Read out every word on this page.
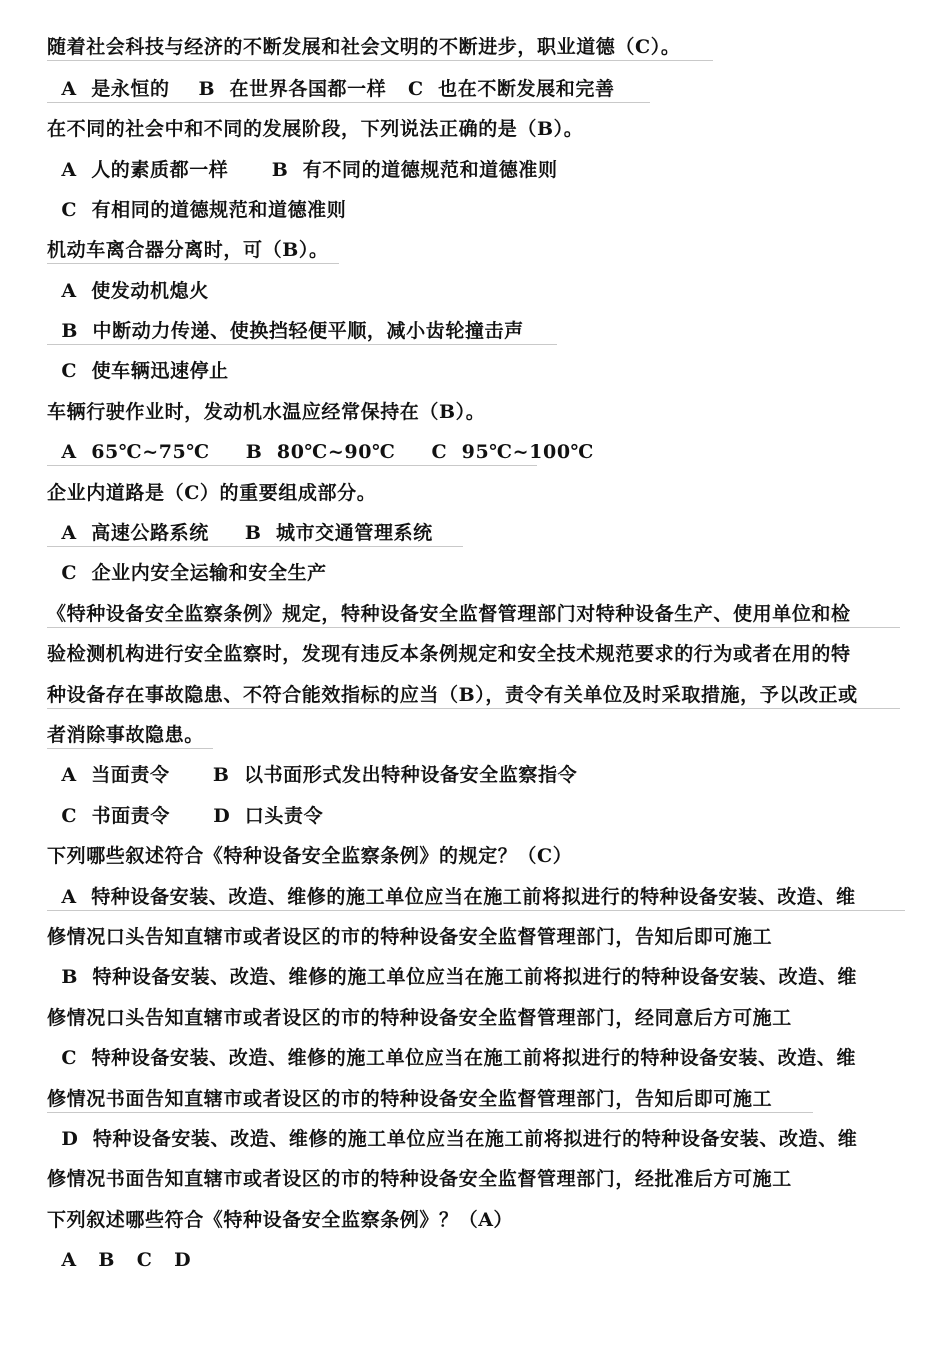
随着社会科技与经济的不断发展和社会文明的不断进步，职业道德（C）。
A  是永恒的    B  在世界各国都一样   C  也在不断发展和完善
在不同的社会中和不同的发展阶段，下列说法正确的是（B）。
A  人的素质都一样      B  有不同的道德规范和道德准则
C  有相同的道德规范和道德准则
机动车离合器分离时，可（B）。
A  使发动机熄火
B  中断动力传递、使换挡轻便平顺，减小齿轮撞击声
C  使车辆迅速停止
车辆行驶作业时，发动机水温应经常保持在（B）。
A  65℃~75℃     B  80℃~90℃     C  95℃~100℃
企业内道路是（C）的重要组成部分。
A  高速公路系统     B  城市交通管理系统
C  企业内安全运输和安全生产
《特种设备安全监察条例》规定，特种设备安全监督管理部门对特种设备生产、使用单位和检
验检测机构进行安全监察时，发现有违反本条例规定和安全技术规范要求的行为或者在用的特
种设备存在事故隐患、不符合能效指标的应当（B），责令有关单位及时采取措施，予以改正或
者消除事故隐患。
A  当面责令      B  以书面形式发出特种设备安全监察指令
C  书面责令      D  口头责令
下列哪些叙述符合《特种设备安全监察条例》的规定？（C）
A  特种设备安装、改造、维修的施工单位应当在施工前将拟进行的特种设备安装、改造、维
修情况口头告知直辖市或者设区的市的特种设备安全监督管理部门，告知后即可施工
B  特种设备安装、改造、维修的施工单位应当在施工前将拟进行的特种设备安装、改造、维
修情况口头告知直辖市或者设区的市的特种设备安全监督管理部门，经同意后方可施工
C  特种设备安装、改造、维修的施工单位应当在施工前将拟进行的特种设备安装、改造、维
修情况书面告知直辖市或者设区的市的特种设备安全监督管理部门，告知后即可施工
D  特种设备安装、改造、维修的施工单位应当在施工前将拟进行的特种设备安装、改造、维
修情况书面告知直辖市或者设区的市的特种设备安全监督管理部门，经批准后方可施工
下列叙述哪些符合《特种设备安全监察条例》？（A）
A   B   C   D
